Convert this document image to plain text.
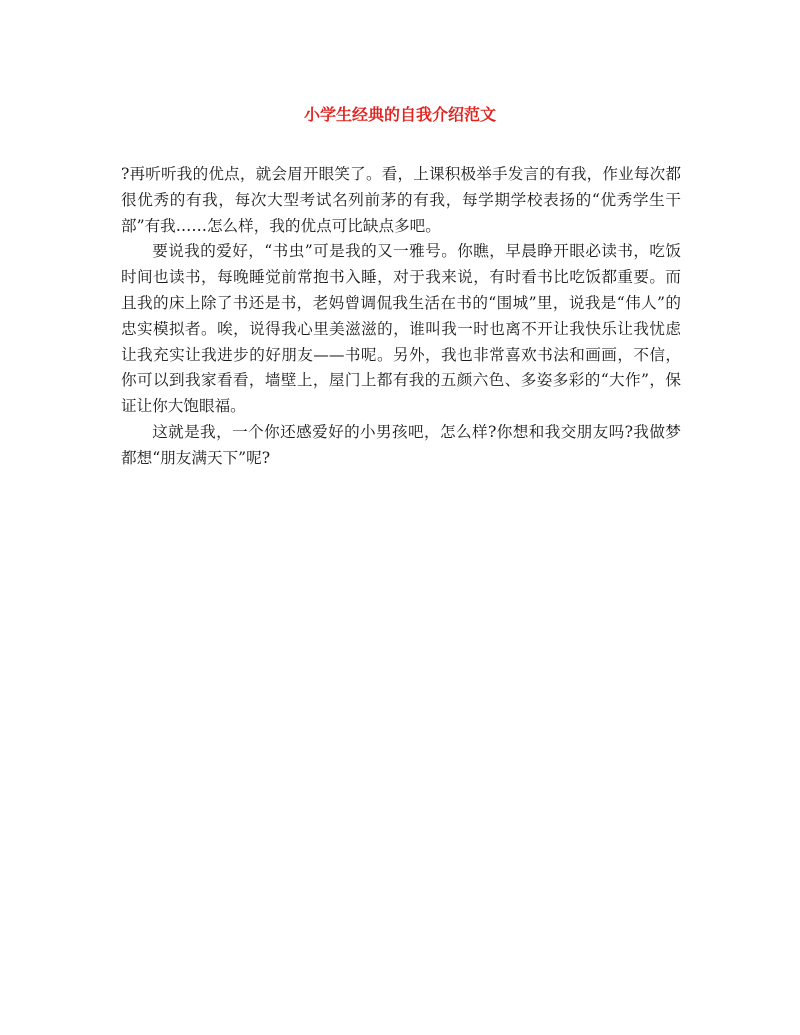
小学生经典的自我介绍范文

?再听听我的优点，就会眉开眼笑了。看，上课积极举手发言的有我，作业每次都很优秀的有我，每次大型考试名列前茅的有我，每学期学校表扬的“优秀学生干部”有我……怎么样，我的优点可比缺点多吧。

要说我的爱好，“书虫”可是我的又一雅号。你瞧，早晨睁开眼必读书，吃饭时间也读书，每晚睡觉前常抱书入睡，对于我来说，有时看书比吃饭都重要。而且我的床上除了书还是书，老妈曾调侃我生活在书的“围城”里，说我是“伟人”的忠实模拟者。唉，说得我心里美滋滋的，谁叫我一时也离不开让我快乐让我忧虑让我充实让我进步的好朋友——书呢。另外，我也非常喜欢书法和画画，不信，你可以到我家看看，墙壁上，屋门上都有我的五颜六色、多姿多彩的“大作”，保证让你大饱眼福。

这就是我，一个你还感爱好的小男孩吧，怎么样?你想和我交朋友吗?我做梦都想“朋友满天下”呢?
